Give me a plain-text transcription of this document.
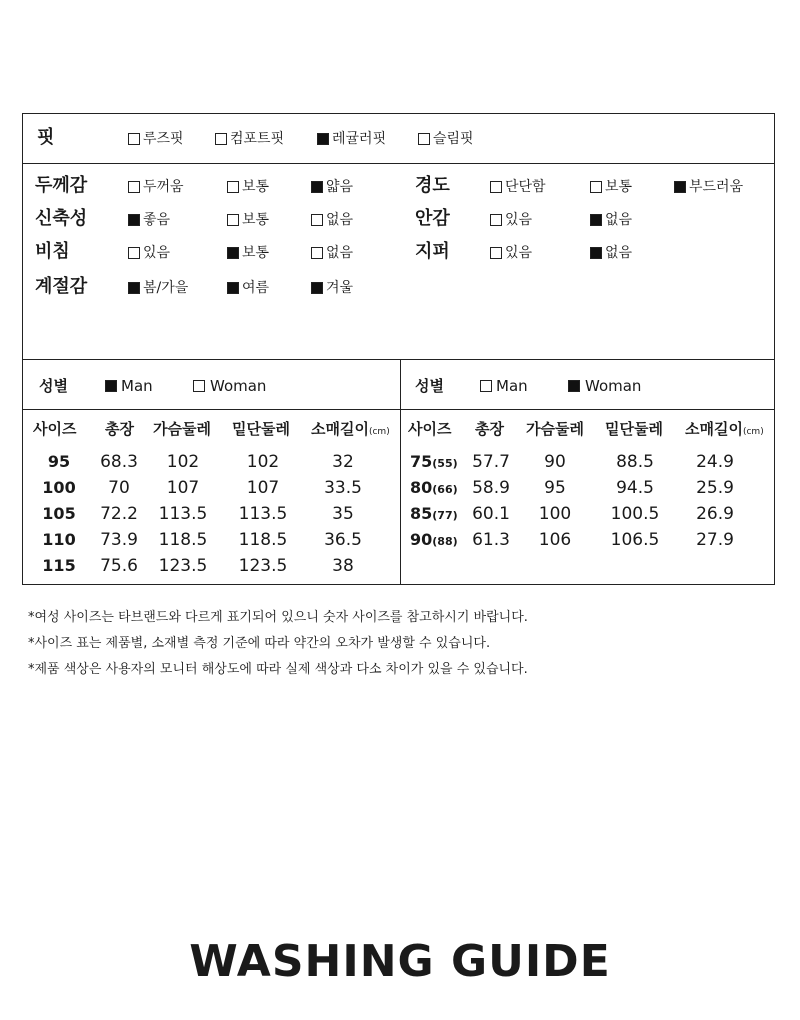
핏	루즈핏	컴포트핏	레귤러핏	슬림핏
두께감	두꺼움	보통	얇음
신축성	좋음	보통	없음
비침	있음	보통	없음
계절감	봄/가을	여름	겨울
경도	단단함	보통	부드러움
안감	있음	없음
지퍼	있음	없음
성별	Man	Woman	성별	Man	Woman
사이즈 총장 가슴둘레 밑단둘레 소매길이(cm) 사이즈 총장 가슴둘레 밑단둘레 소매길이(cm)
95	68.3	102	102	32
100	70	107	107	33.5
105	72.2	113.5	113.5	35
110	73.9	118.5	118.5	36.5
115	75.6	123.5	123.5	38
75(55) 57.7	90	88.5	24.9
80(66) 58.9	95	94.5	25.9
85(77) 60.1	100	100.5	26.9
90(88) 61.3	106	106.5	27.9
*여성 사이즈는 타브랜드와 다르게 표기되어 있으니 숫자 사이즈를 참고하시기 바랍니다.
*사이즈 표는 제품별, 소재별 측정 기준에 따라 약간의 오차가 발생할 수 있습니다.
*제품 색상은 사용자의 모니터 해상도에 따라 실제 색상과 다소 차이가 있을 수 있습니다.
WASHING GUIDE
